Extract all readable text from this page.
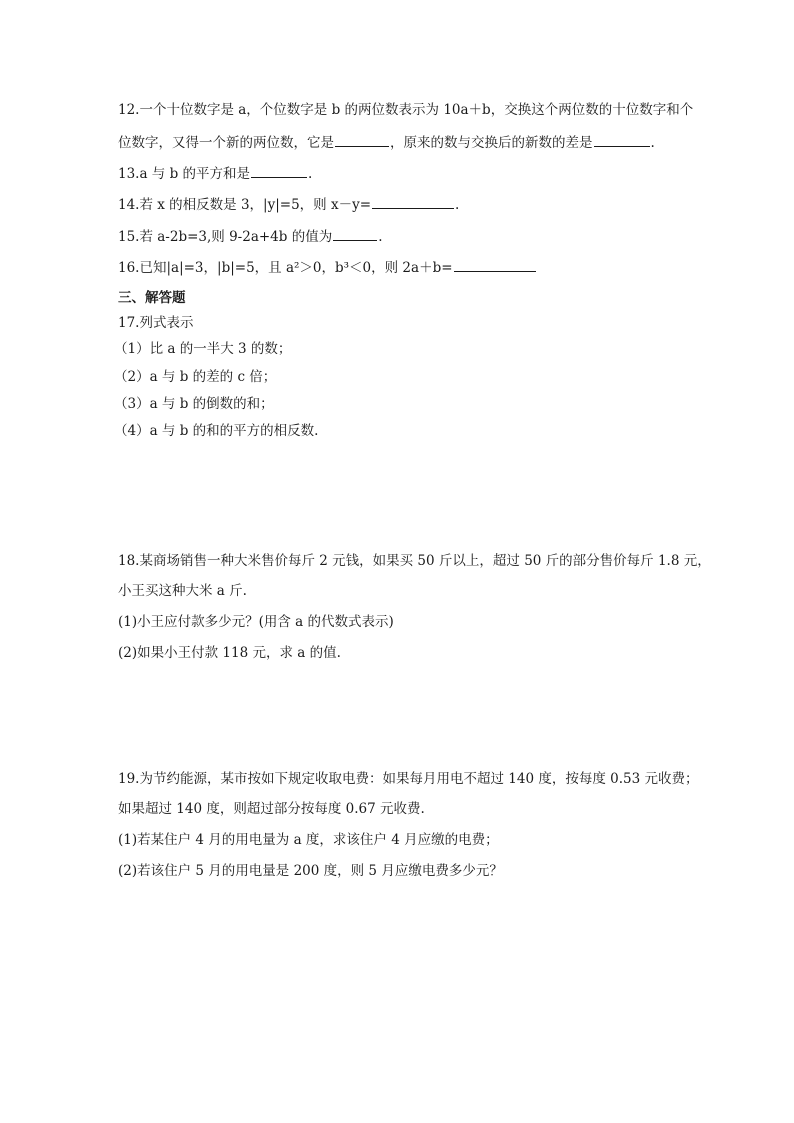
12.一个十位数字是 a，个位数字是 b 的两位数表示为 10a＋b，交换这个两位数的十位数字和个
位数字，又得一个新的两位数，它是	，原来的数与交换后的新数的差是	.
13.a 与 b 的平方和是	.
14.若 x 的相反数是 3，|y|=5，则 x－y=	.
15.若 a-2b=3,则 9-2a+4b 的值为	.
16.已知|a|=3，|b|=5，且 a²＞0，b³＜0，则 2a＋b=
三、解答题
17.列式表示
（1）比 a 的一半大 3 的数；
（2）a 与 b 的差的 c 倍；
（3）a 与 b 的倒数的和；
（4）a 与 b 的和的平方的相反数.
18.某商场销售一种大米售价每斤 2 元钱，如果买 50 斤以上，超过 50 斤的部分售价每斤 1.8 元，
小王买这种大米 a 斤.
(1)小王应付款多少元？(用含 a 的代数式表示)
(2)如果小王付款 118 元，求 a 的值.
19.为节约能源，某市按如下规定收取电费：如果每月用电不超过 140 度，按每度 0.53 元收费；
如果超过 140 度，则超过部分按每度 0.67 元收费.
(1)若某住户 4 月的用电量为 a 度，求该住户 4 月应缴的电费；
(2)若该住户 5 月的用电量是 200 度，则 5 月应缴电费多少元？
